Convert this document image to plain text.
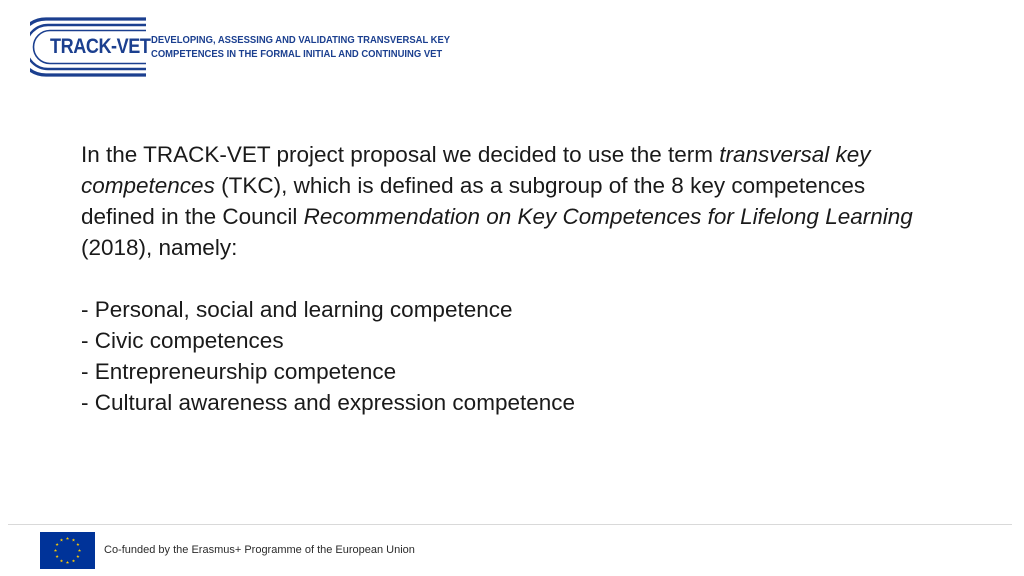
TRACK-VET DEVELOPING, ASSESSING AND VALIDATING TRANSVERSAL KEY
COMPETENCES IN THE FORMAL INITIAL AND CONTINUING VET

In the TRACK-VET project proposal we decided to use the term transversal key competences (TKC), which is defined as a subgroup of the 8 key competences defined in the Council Recommendation on Key Competences for Lifelong Learning (2018), namely:

- Personal, social and learning competence
- Civic competences
- Entrepreneurship competence
- Cultural awareness and expression competence
Co-funded by the Erasmus+ Programme of the European Union
